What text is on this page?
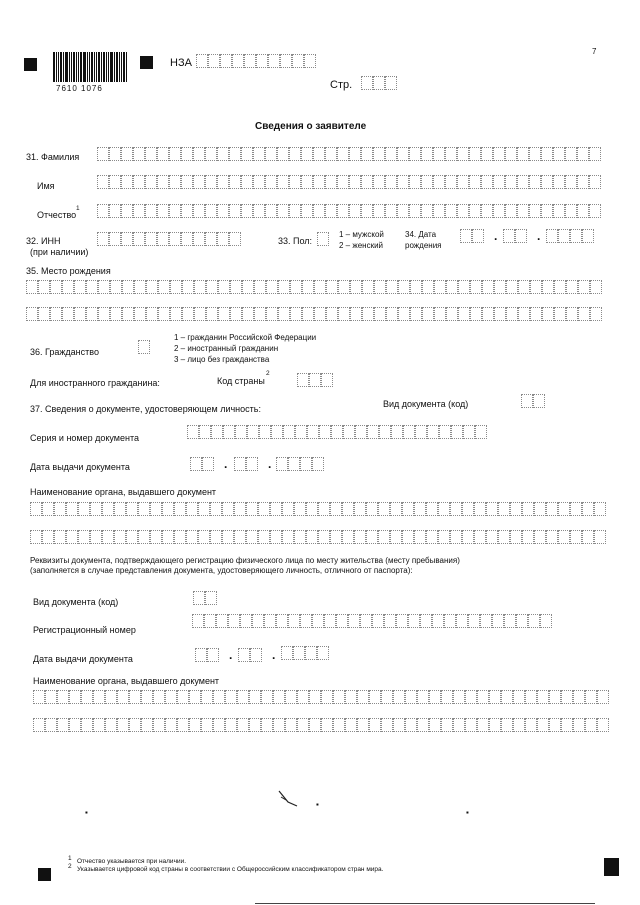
7610 1076
7
НЗА
Стр.
Сведения о заявителе
31. Фамилия
Имя
Отчество
1
32. ИНН
(при наличии)
33. Пол:
1 – мужской
2 – женский
34. Дата
рождения
.	.
35. Место рождения
36. Гражданство
1 – гражданин Российской Федерации
2 – иностранный гражданин
3 – лицо без гражданства
Для иностранного гражданина:	Код страны
2
37. Сведения о документе, удостоверяющем личность:	Вид документа (код)
Серия и номер документа
Дата выдачи документа	.	.
Наименование органа, выдавшего документ
Реквизиты документа, подтверждающего регистрацию физического лица по месту жительства (месту пребывания)
(заполняется в случае представления документа, удостоверяющего личность, отличного от паспорта):
Вид документа (код)
Регистрационный номер
Дата выдачи документа	.	.
Наименование органа, выдавшего документ
▪	▪
▪
1 Отчество указывается при наличии.
2 Указывается цифровой код страны в соответствии с Общероссийским классификатором стран мира.
